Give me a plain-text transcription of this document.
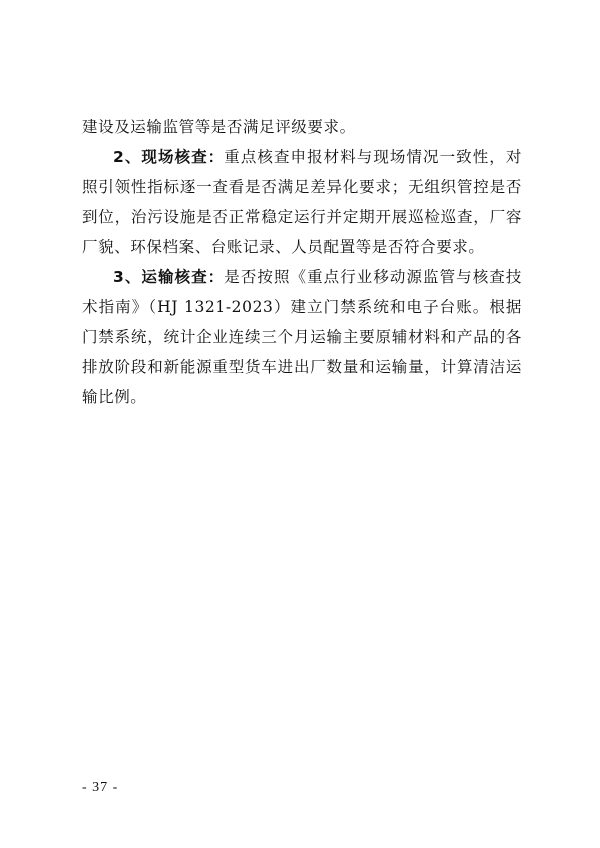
建设及运输监管等是否满足评级要求。

2、现场核查：重点核查申报材料与现场情况一致性，对照引领性指标逐一查看是否满足差异化要求；无组织管控是否到位，治污设施是否正常稳定运行并定期开展巡检巡查，厂容厂貌、环保档案、台账记录、人员配置等是否符合要求。

3、运输核查：是否按照《重点行业移动源监管与核查技术指南》（HJ 1321-2023）建立门禁系统和电子台账。根据门禁系统，统计企业连续三个月运输主要原辅材料和产品的各排放阶段和新能源重型货车进出厂数量和运输量，计算清洁运输比例。

- 37 -
